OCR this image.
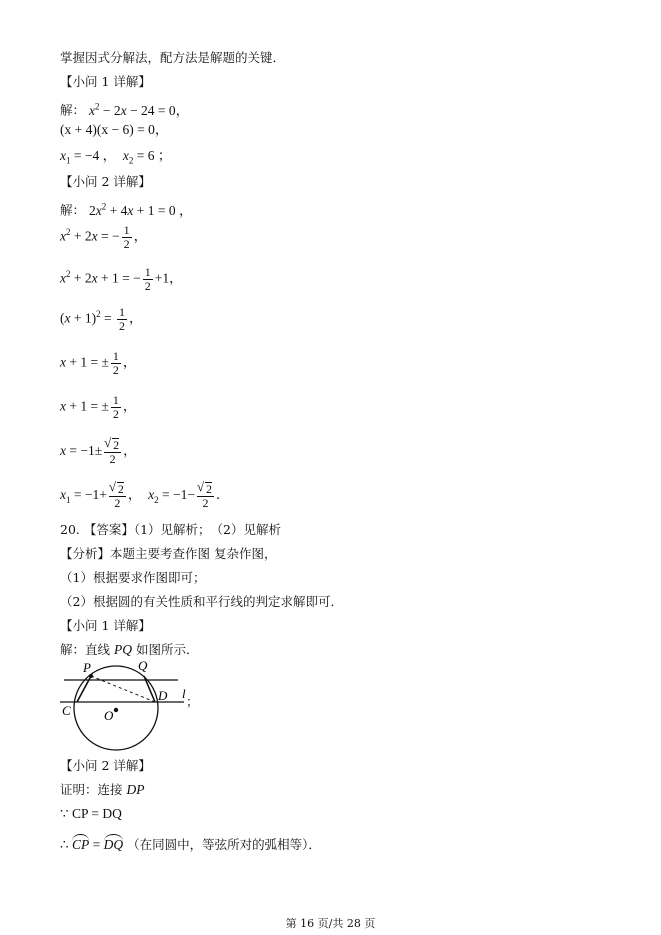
掌握因式分解法，配方法是解题的关键．
【小问 1 详解】
解： $x^2 - 2x - 24 = 0$，
(x + 4)(x − 6) = 0，
$x_1 = -4$ ，　$x_2 = 6$ ；
【小问 2 详解】
解： $2x^2 + 4x + 1 = 0$ ，
$x^2 + 2x$ = − $\frac{1}{2}$ ，
$x^2 + 2x + 1$ = − $\frac{1}{2} +1$，
$(x + 1)^2 = \frac{1}{2}$ ，
x + 1 = ± $\frac{1}{2}$ ，
x + 1 = ± $\frac{1}{2}$ ，
x = −1± √ $\frac{2}{2}$ ，
$x_1 = -1+$ √ $\frac{2}{2}$ ，　$x_2 = -1-$ √ $\frac{2}{2}$ ．
20. 【答案】（1）见解析；　（2）见解析
【分析】本题主要考查作图 复杂作图，
（1）根据要求作图即可；
（2）根据圆的有关性质和平行线的判定求解即可．
【小问 1 详解】
解：直线 PQ 如图所示．
P	Q
D
C	O
l
；
【小问 2 详解】
证明：连接 DP
∵ CP = DQ
∴ CP = DQ （在同圆中，等弦所对的弧相等）．
第 16 页/共 28 页
